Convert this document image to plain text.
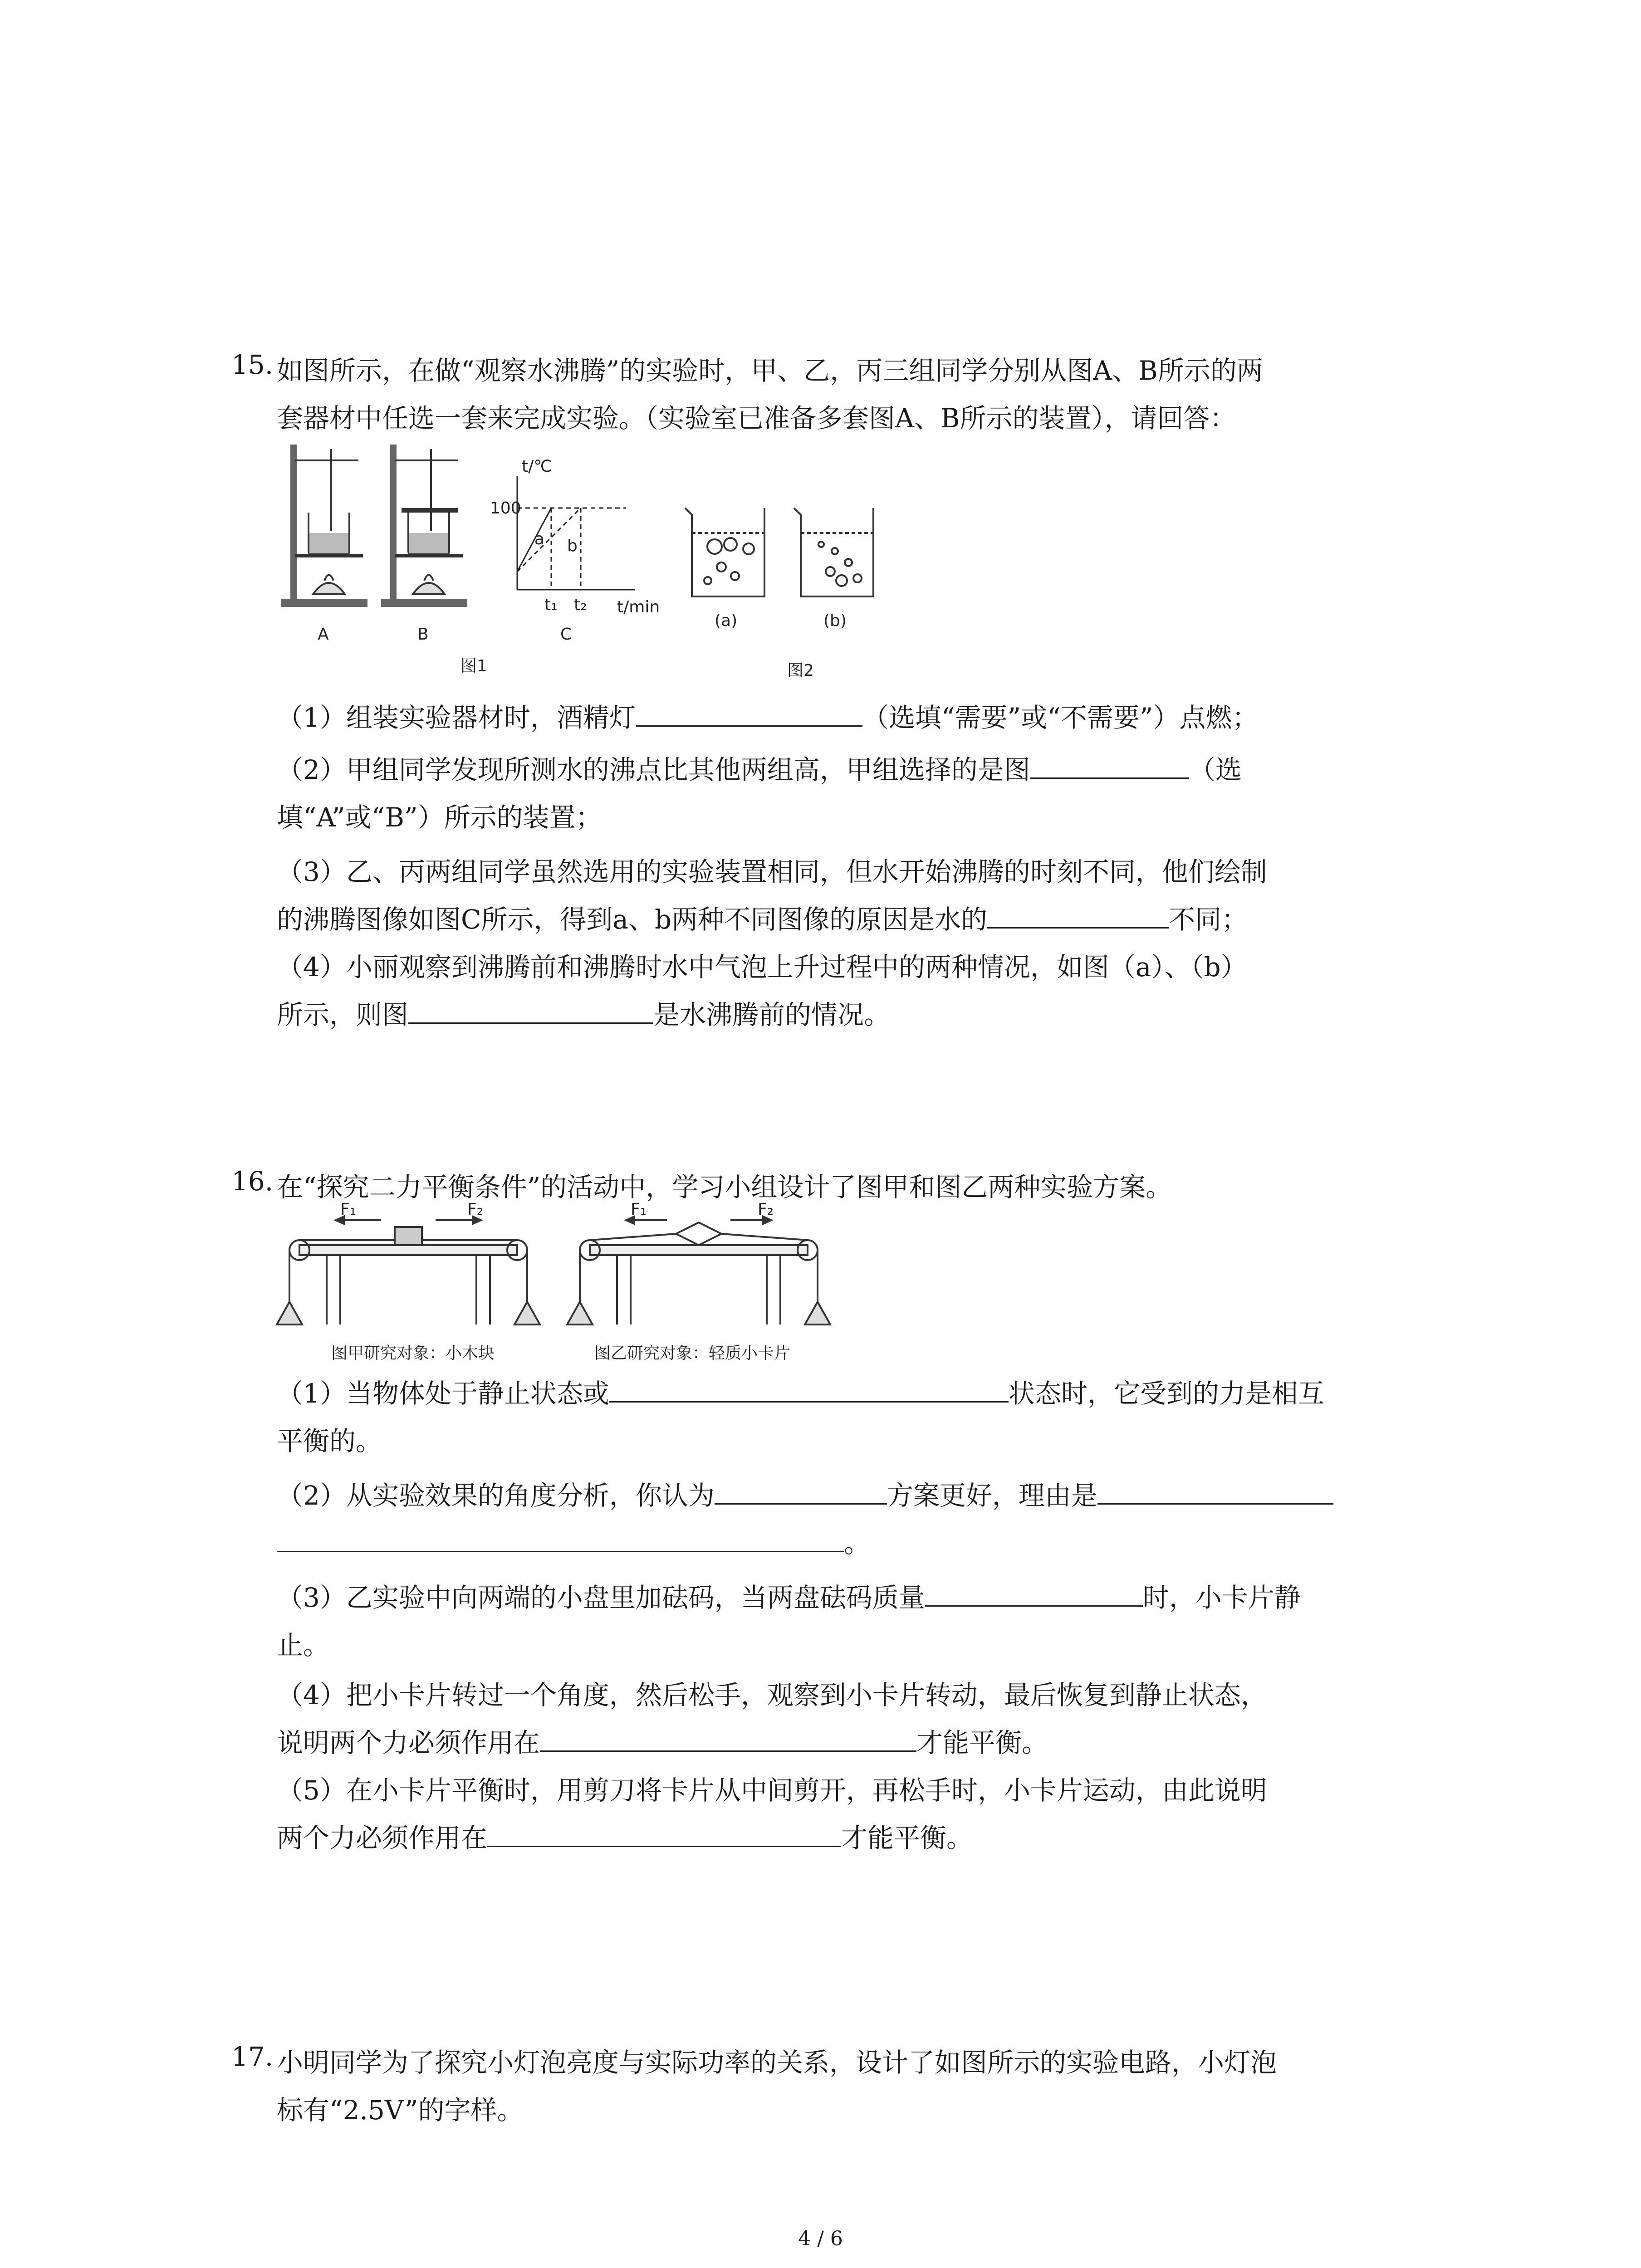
15. 如图所示，在做“观察水沸腾”的实验时，甲、乙，丙三组同学分别从图A、B所示的两
套器材中任选一套来完成实验。（实验室已准备多套图A、B所示的装置），请回答：
A	B
t/℃
100
t/min
t₁ t₂
a b
C
图1
(a)	(b)
图2
（1）组装实验器材时，酒精灯	（选填“需要”或“不需要”）点燃；
（2）甲组同学发现所测水的沸点比其他两组高，甲组选择的是图	（选
填“A”或“B”）所示的装置；
（3）乙、丙两组同学虽然选用的实验装置相同，但水开始沸腾的时刻不同，他们绘制
的沸腾图像如图C所示，得到a、b两种不同图像的原因是水的	不同；
（4）小丽观察到沸腾前和沸腾时水中气泡上升过程中的两种情况，如图（a）、（b）
所示，则图	是水沸腾前的情况。
16. 在“探究二力平衡条件”的活动中，学习小组设计了图甲和图乙两种实验方案。
F₁	F₂
图甲研究对象：小木块
F₁	F₂
图乙研究对象：轻质小卡片
（1）当物体处于静止状态或	状态时，它受到的力是相互
平衡的。
（2）从实验效果的角度分析，你认为	方案更好，理由是
。
（3）乙实验中向两端的小盘里加砝码，当两盘砝码质量	时，小卡片静
止。
（4）把小卡片转过一个角度，然后松手，观察到小卡片转动，最后恢复到静止状态，
说明两个力必须作用在	才能平衡。
（5）在小卡片平衡时，用剪刀将卡片从中间剪开，再松手时，小卡片运动，由此说明
两个力必须作用在	才能平衡。
17. 小明同学为了探究小灯泡亮度与实际功率的关系，设计了如图所示的实验电路，小灯泡
标有“2.5V”的字样。
4 / 6
